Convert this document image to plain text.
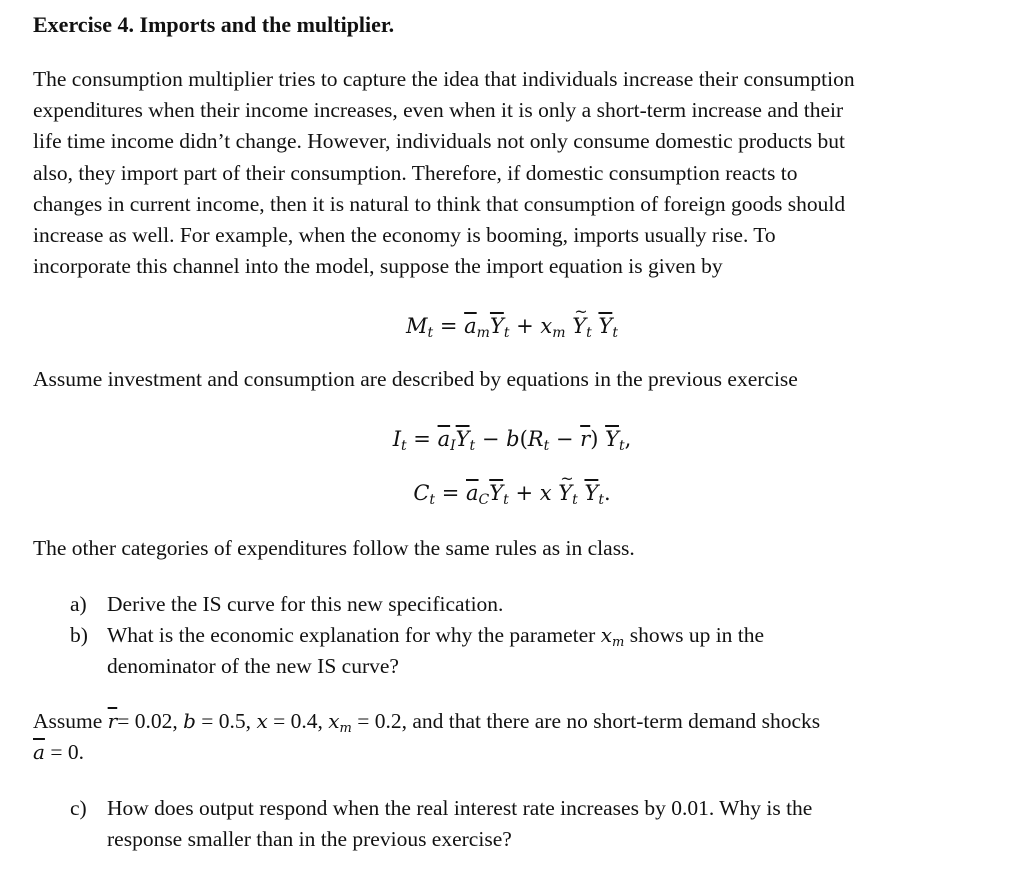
Exercise 4. Imports and the multiplier.
The consumption multiplier tries to capture the idea that individuals increase their consumption
expenditures when their income increases, even when it is only a short-term increase and their
life time income didn’t change. However, individuals not only consume domestic products but
also, they import part of their consumption. Therefore, if domestic consumption reacts to
changes in current income, then it is natural to think that consumption of foreign goods should
increase as well. For example, when the economy is booming, imports usually rise. To
incorporate this channel into the model, suppose the import equation is given by
$M_t = \overline{a}_m\overline{Y}_t + x_m$ ~ $Y_t$ $\overline{Y}_t$
Assume investment and consumption are described by equations in the previous exercise
$I_t = \overline{a}_I\overline{Y}_t - b(R_t - \overline{r})$ $\overline{Y}_t$,
$C_t = \overline{a}_C\overline{Y}_t + x$ ~ $Y_t$ $\overline{Y}_t$.
The other categories of expenditures follow the same rules as in class.
a) Derive the IS curve for this new specification.
b) What is the economic explanation for why the parameter $x_m$ shows up in the
denominator of the new IS curve?
Assume $\overline{r}= 0.02$, b = 0.5, x = 0.4, $x_m = 0.2$, and that there are no short-term demand shocks
$\overline{a} = 0$.
c) How does output respond when the real interest rate increases by 0.01. Why is the
response smaller than in the previous exercise?
